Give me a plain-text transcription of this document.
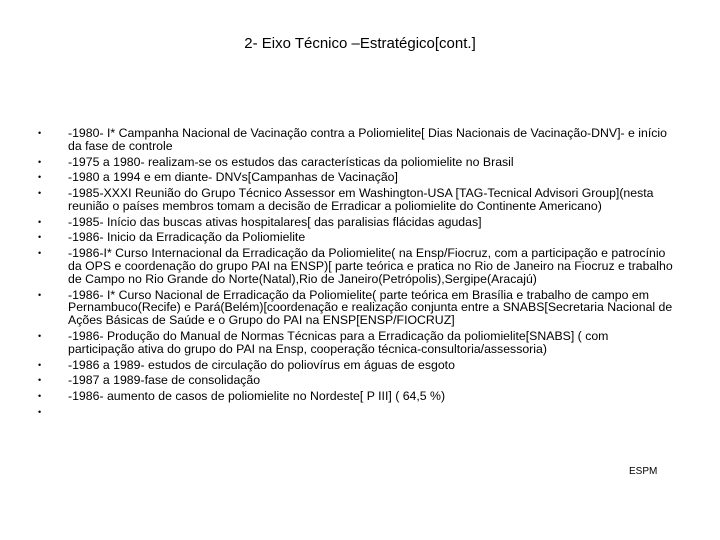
2- Eixo Técnico –Estratégico[cont.]
• -1980- I* Campanha Nacional de Vacinação contra a Poliomielite[ Dias Nacionais de Vacinação-DNV]- e início da fase de controle
• -1975 a 1980- realizam-se os estudos das características da poliomielite no Brasil
• -1980 a 1994 e em diante- DNVs[Campanhas de Vacinação]
• -1985-XXXI Reunião do Grupo Técnico Assessor em Washington-USA [TAG-Tecnical Advisori Group](nesta reunião o países membros tomam a decisão de Erradicar a poliomielite do Continente Americano)
• -1985- Início das buscas ativas hospitalares[ das paralisias flácidas agudas]
• -1986- Inicio da Erradicação da Poliomielite
• -1986-I* Curso Internacional da Erradicação da Poliomielite( na Ensp/Fiocruz, com a participação e patrocínio da OPS e coordenação do grupo PAI na ENSP)[ parte teórica e pratica no Rio de Janeiro na Fiocruz e trabalho de Campo no Rio Grande do Norte(Natal),Rio de Janeiro(Petrópolis),Sergipe(Aracajú)
• -1986- I* Curso Nacional de Erradicação da Poliomielite( parte teórica em Brasília e trabalho de campo em Pernambuco(Recife) e Pará(Belém)[coordenação e realização conjunta entre a SNABS[Secretaria Nacional de Ações Básicas de Saúde e o Grupo do PAI na ENSP[ENSP/FIOCRUZ]
• -1986- Produção do Manual de Normas Técnicas para a Erradicação da poliomielite[SNABS] ( com participação ativa do grupo do PAI na Ensp, cooperação técnica-consultoria/assessoria)
• -1986 a 1989- estudos de circulação do poliovírus em águas de esgoto
• -1987 a 1989-fase de consolidação
• -1986- aumento de casos de poliomielite no Nordeste[ P III] ( 64,5 %)
•
ESPM
